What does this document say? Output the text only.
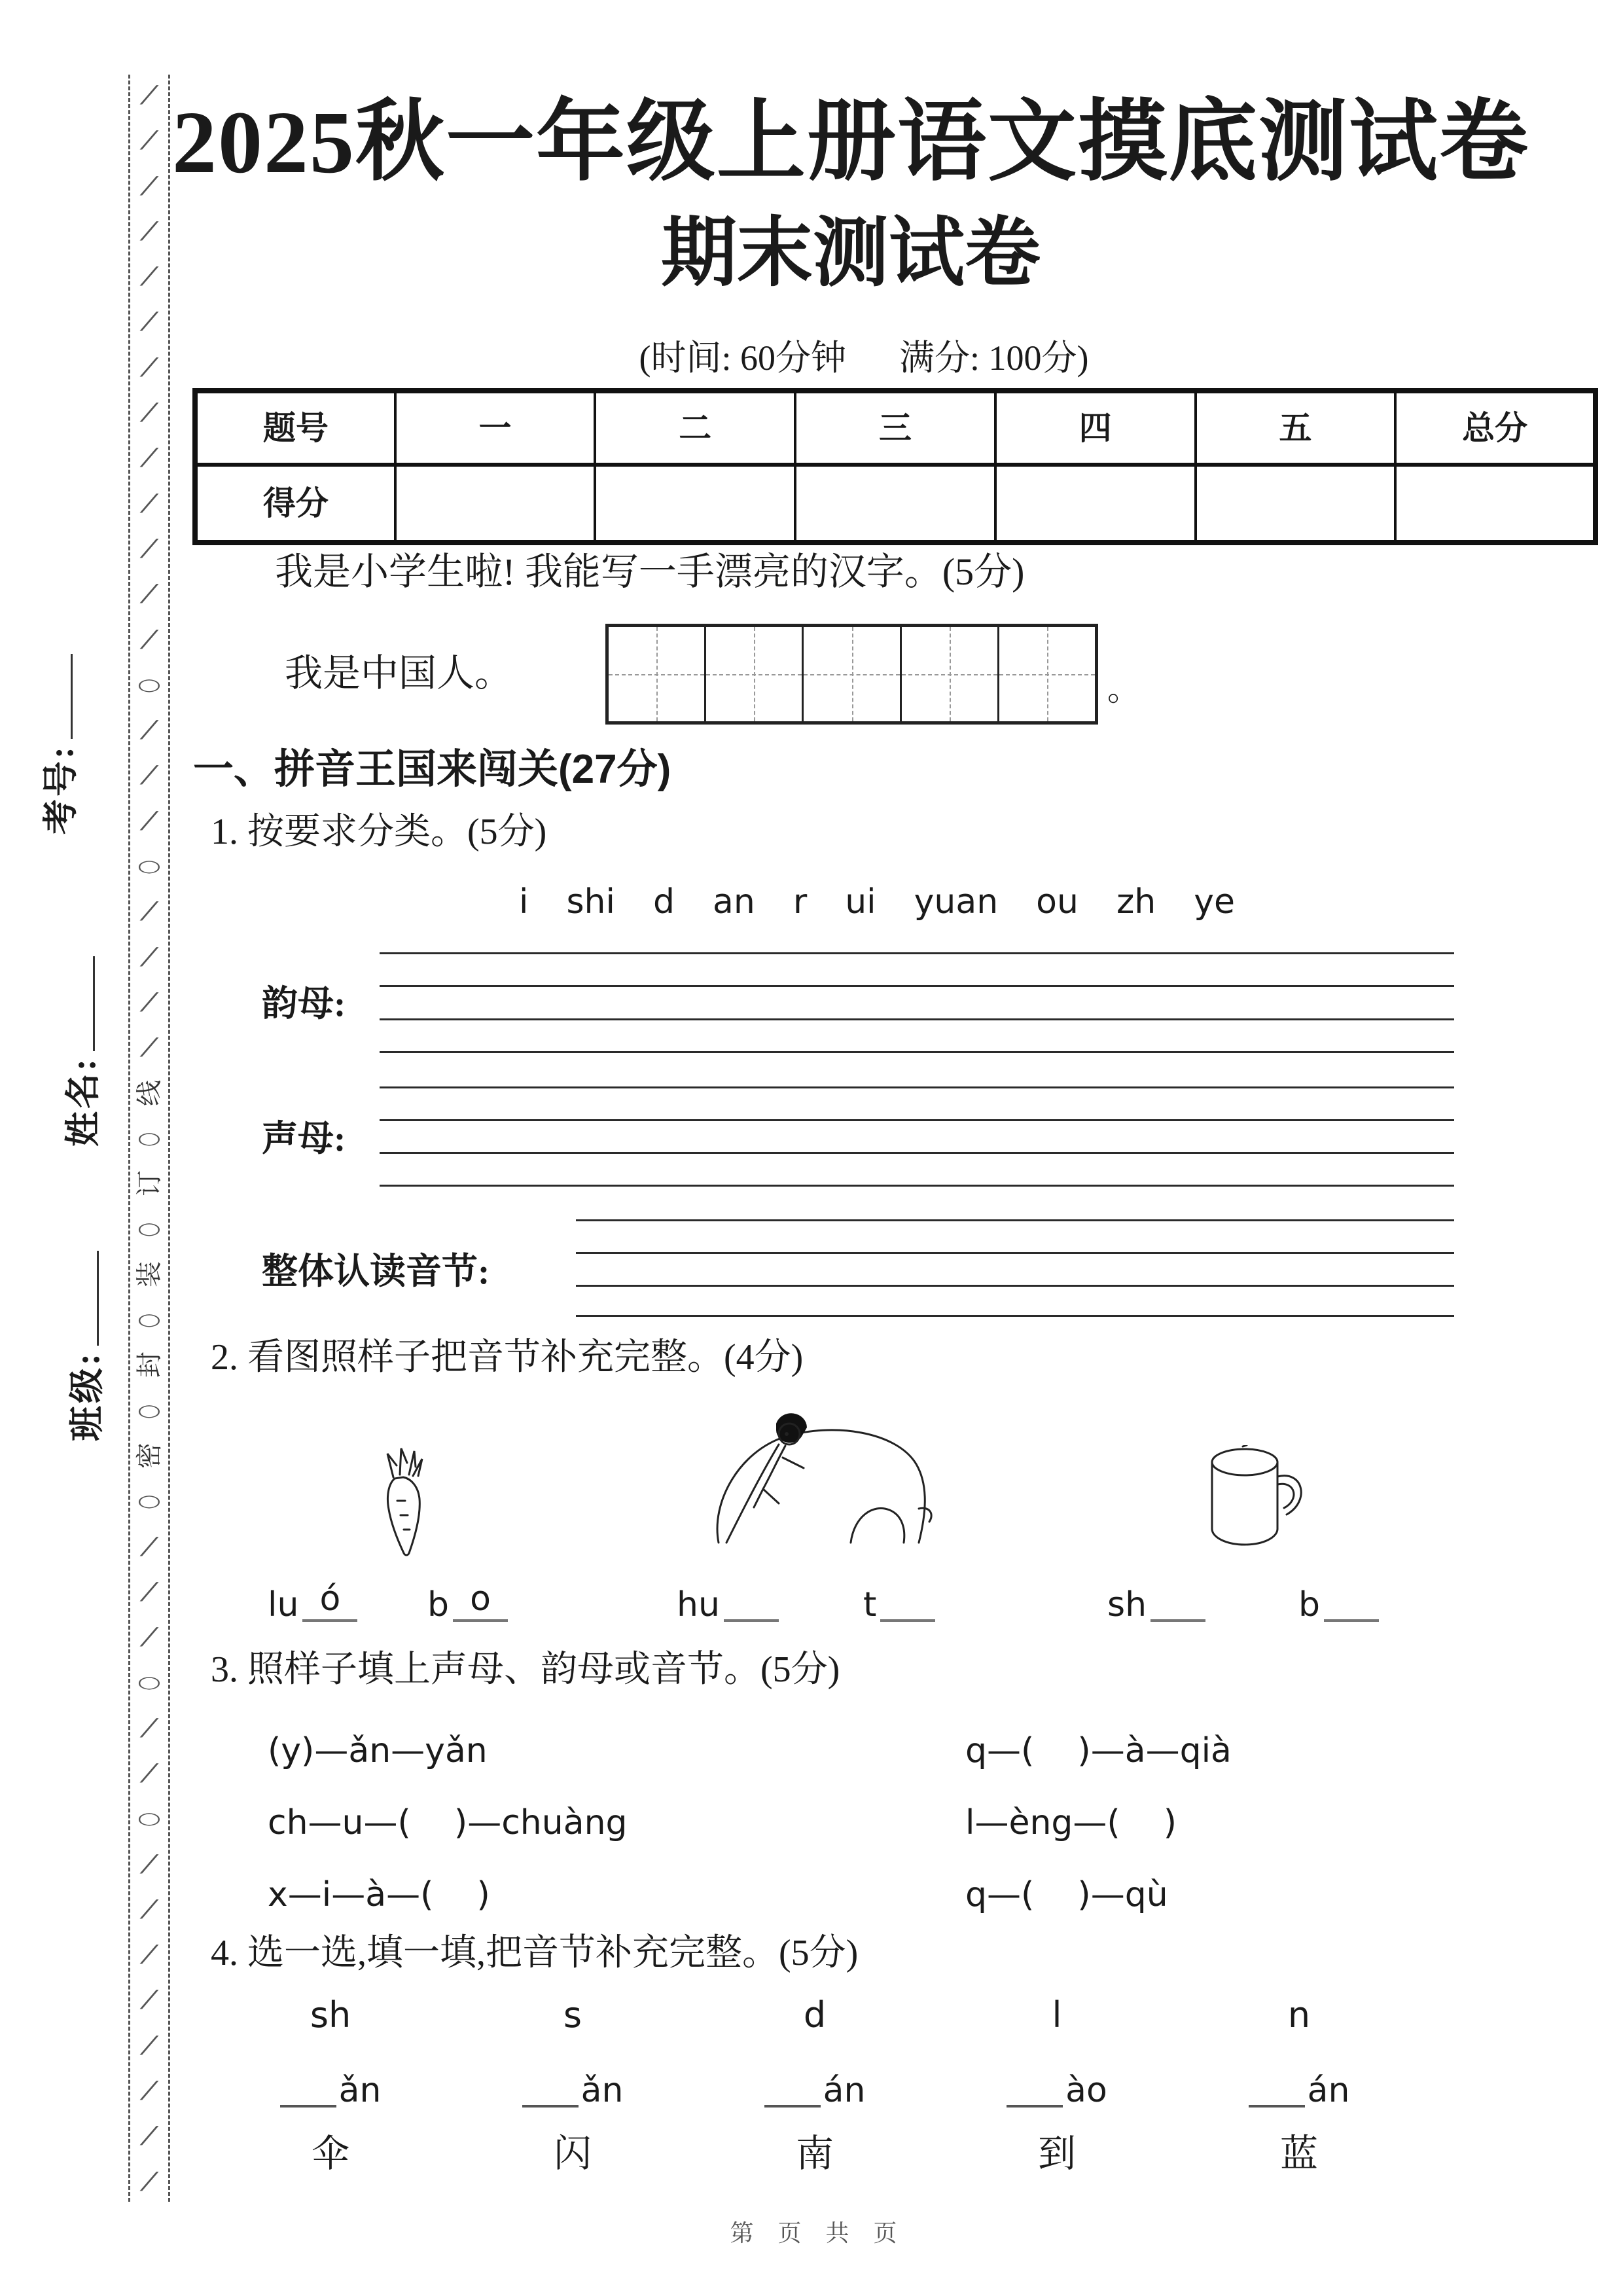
考号:
姓名:
班级:
╱
╱
╱
╱
╱
╱
╱
╱
╱
╱
╱
╱
╱
○
╱
╱
╱
○
╱
╱
╱
╱
线
○
订
○
装
○
封
○
密
○
╱
╱
╱
○
╱
╱
○
╱
╱
╱
╱
╱
╱
╱
╱
2025秋一年级上册语文摸底测试卷
期末测试卷
(时间: 60分钟      满分: 100分)
题号	一	二	三	四	五	总分
得分						
我是小学生啦! 我能写一手漂亮的汉字。(5分)
我是中国人。	。
一、拼音王国来闯关(27分)
1. 按要求分类。(5分)
i shi d an r ui yuan ou zh ye
韵母:
声母:
整体认读音节:
2. 看图照样子把音节补充完整。(4分)
lu ó	b o	hu	t	sh	b
3. 照样子填上声母、韵母或音节。(5分)
(y)—ǎn—yǎn	q—(    )—à—qià
ch—u—(    )—chuàng	l—èng—(    )
x—i—à—(    )	q—(    )—qù
4. 选一选,填一填,把音节补充完整。(5分)
sh	s	d	l	n
ǎn	ǎn	án	ào	án
伞	闪	南	到	蓝
第 页 共 页
